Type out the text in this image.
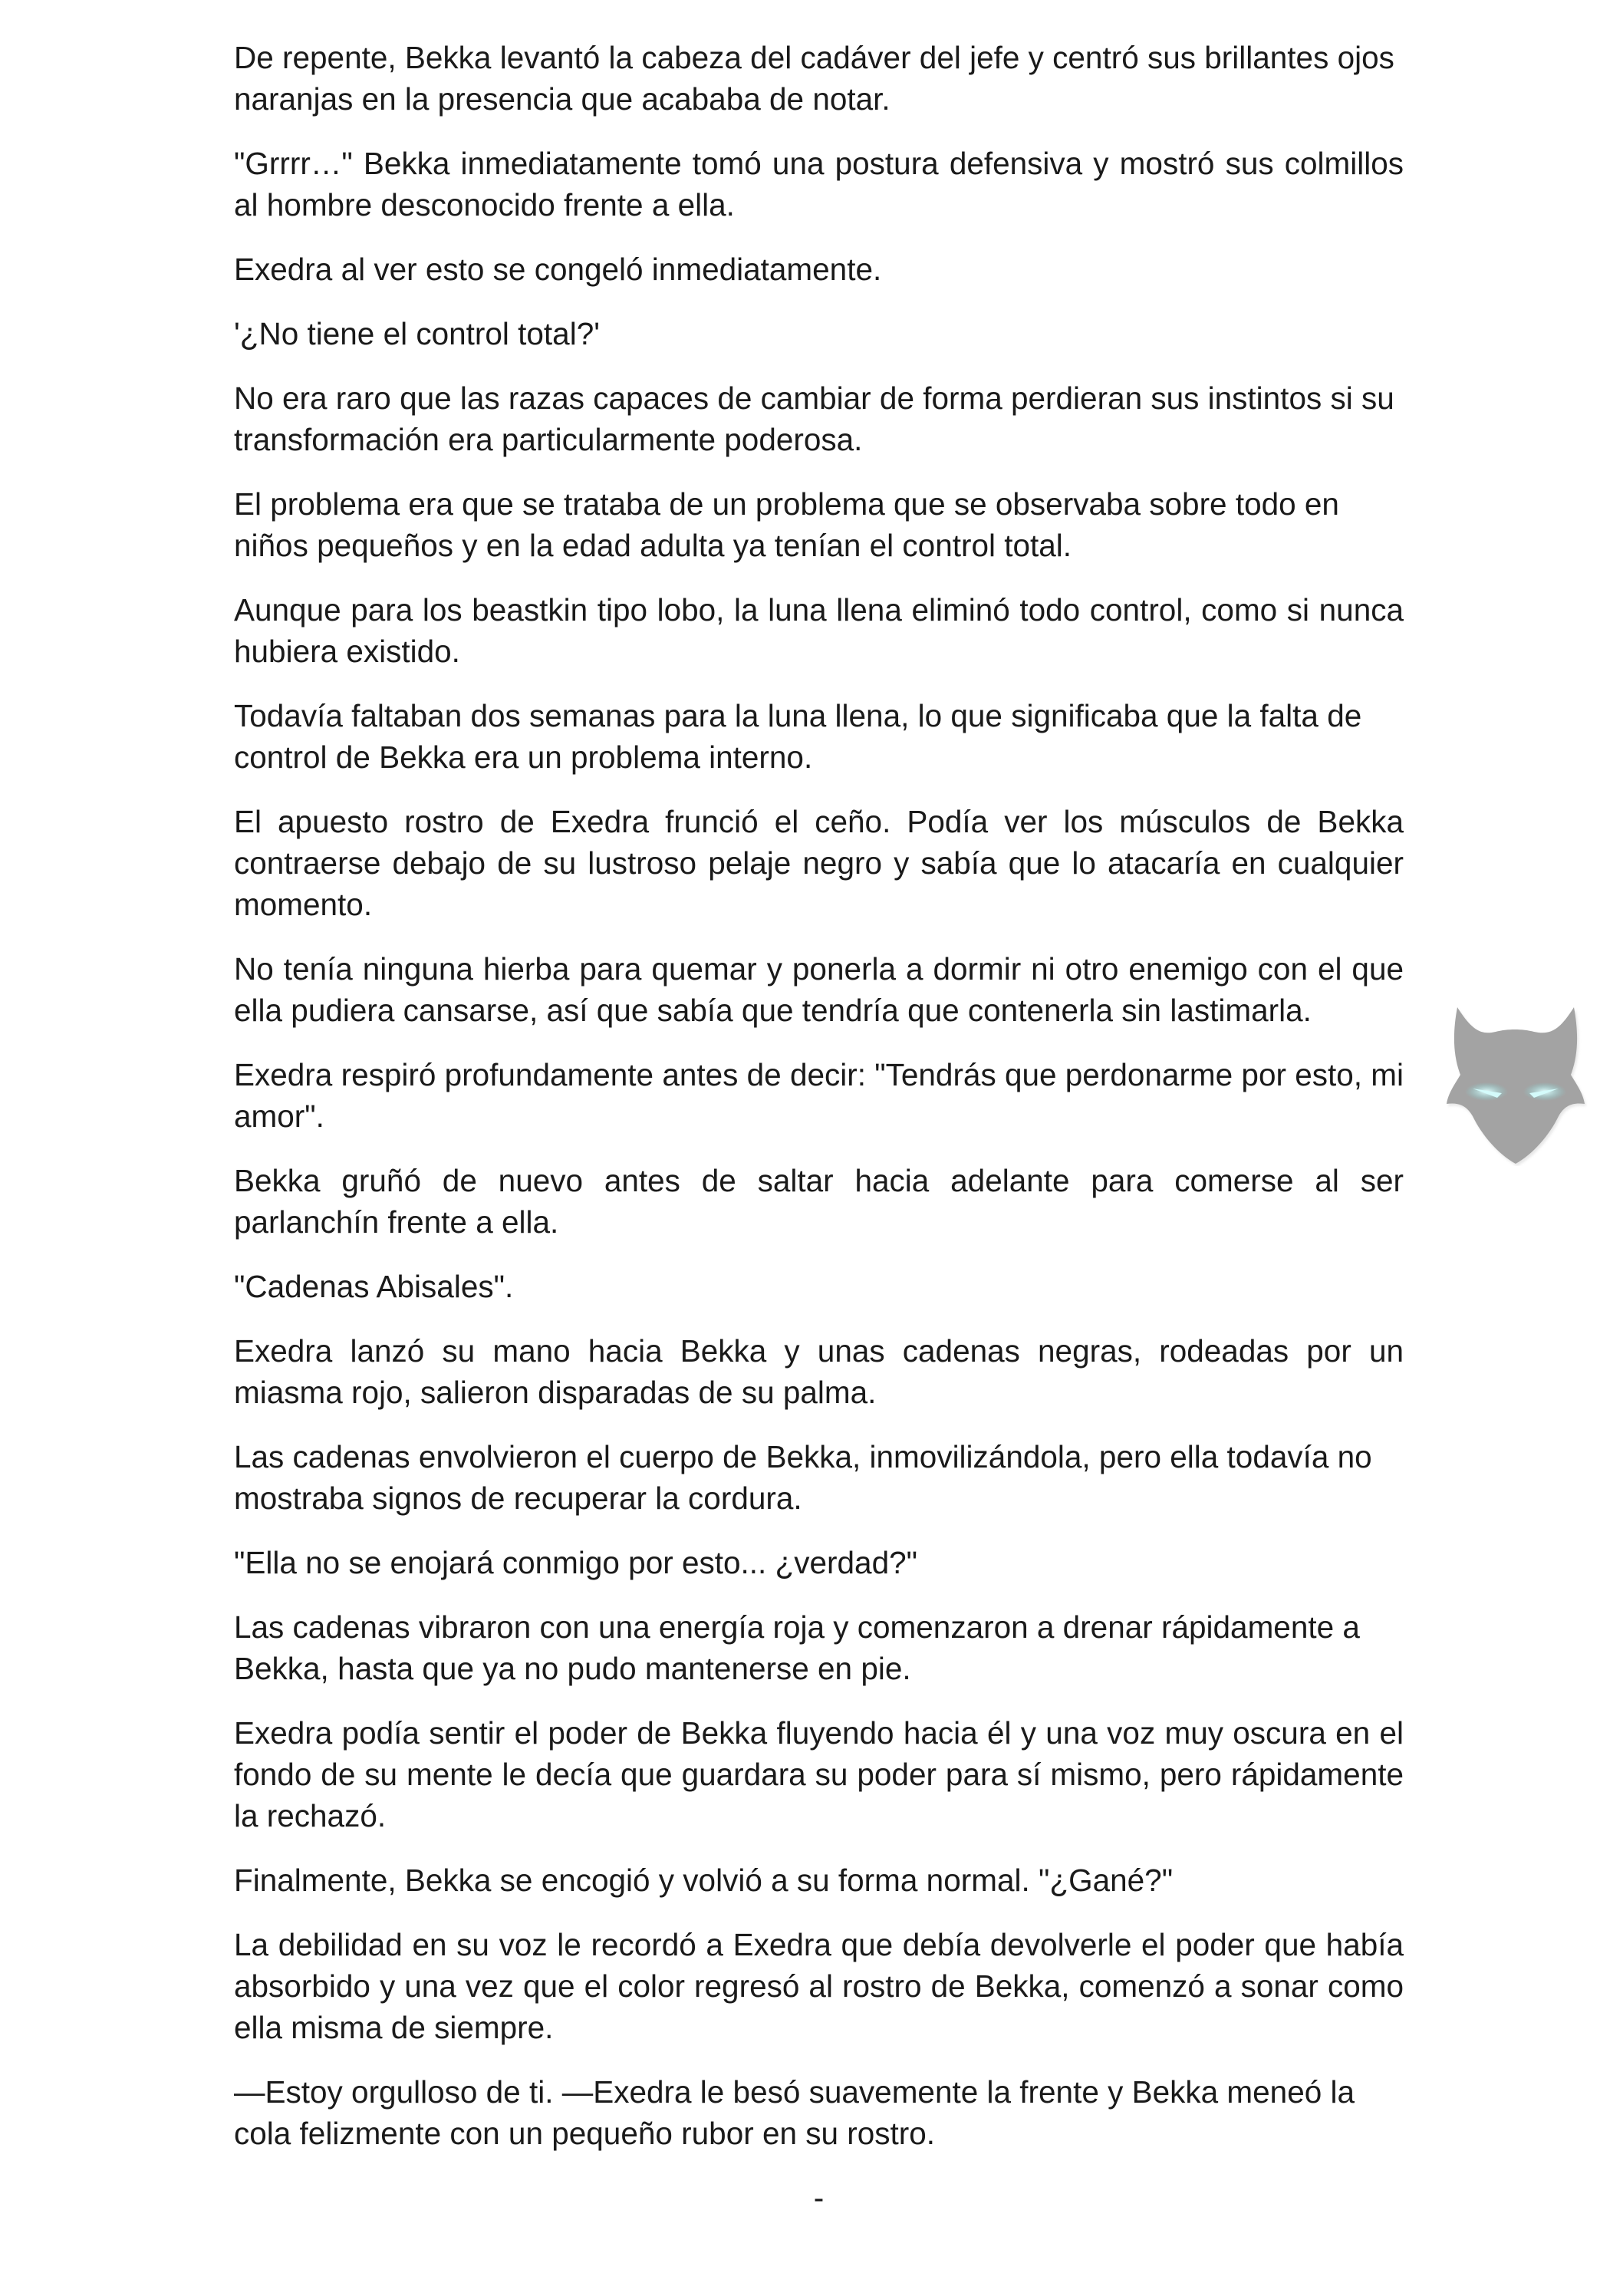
De repente, Bekka levantó la cabeza del cadáver del jefe y centró sus brillantes ojos naranjas en la presencia que acababa de notar.

"Grrrr…" Bekka inmediatamente tomó una postura defensiva y mostró sus colmillos al hombre desconocido frente a ella.

Exedra al ver esto se congeló inmediatamente.

'¿No tiene el control total?'

No era raro que las razas capaces de cambiar de forma perdieran sus instintos si su transformación era particularmente poderosa.

El problema era que se trataba de un problema que se observaba sobre todo en niños pequeños y en la edad adulta ya tenían el control total.

Aunque para los beastkin tipo lobo, la luna llena eliminó todo control, como si nunca hubiera existido.

Todavía faltaban dos semanas para la luna llena, lo que significaba que la falta de control de Bekka era un problema interno.

El apuesto rostro de Exedra frunció el ceño. Podía ver los músculos de Bekka contraerse debajo de su lustroso pelaje negro y sabía que lo atacaría en cualquier momento.

No tenía ninguna hierba para quemar y ponerla a dormir ni otro enemigo con el que ella pudiera cansarse, así que sabía que tendría que contenerla sin lastimarla.

Exedra respiró profundamente antes de decir: "Tendrás que perdonarme por esto, mi amor".

Bekka gruñó de nuevo antes de saltar hacia adelante para comerse al ser parlanchín frente a ella.

"Cadenas Abisales".

Exedra lanzó su mano hacia Bekka y unas cadenas negras, rodeadas por un miasma rojo, salieron disparadas de su palma.

Las cadenas envolvieron el cuerpo de Bekka, inmovilizándola, pero ella todavía no mostraba signos de recuperar la cordura.

"Ella no se enojará conmigo por esto... ¿verdad?"

Las cadenas vibraron con una energía roja y comenzaron a drenar rápidamente a Bekka, hasta que ya no pudo mantenerse en pie.

Exedra podía sentir el poder de Bekka fluyendo hacia él y una voz muy oscura en el fondo de su mente le decía que guardara su poder para sí mismo, pero rápidamente la rechazó.

Finalmente, Bekka se encogió y volvió a su forma normal. "¿Gané?"

La debilidad en su voz le recordó a Exedra que debía devolverle el poder que había absorbido y una vez que el color regresó al rostro de Bekka, comenzó a sonar como ella misma de siempre.

—Estoy orgulloso de ti. —Exedra le besó suavemente la frente y Bekka meneó la cola felizmente con un pequeño rubor en su rostro.

-
